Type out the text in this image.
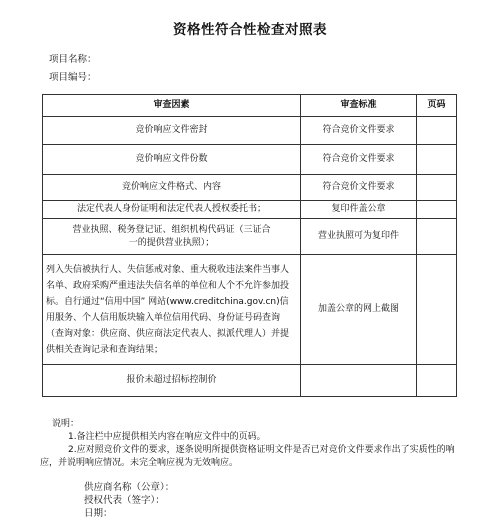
资格性符合性检查对照表
项目名称：
项目编号：
审查因素	审查标准	页码
竞价响应文件密封	符合竞价文件要求	
竞价响应文件份数	符合竞价文件要求	
竞价响应文件格式、内容	符合竞价文件要求	
法定代表人身份证明和法定代表人授权委托书；	复印件盖公章	
营业执照、税务登记证、组织机构代码证（三证合一的提供营业执照）；	营业执照可为复印件	
列入失信被执行人、失信惩戒对象、重大税收违法案件当事人名单、政府采购严重违法失信名单的单位和人个不允许参加投标。自行通过“信用中国” 网站(www.creditchina.gov.cn)信用服务、个人信用版块输入单位信用代码、身份证号码查询（查询对象：供应商、供应商法定代表人、拟派代理人）并提供相关查询记录和查询结果；	加盖公章的网上截图	
报价未超过招标控制价		
说明：
1.备注栏中应提供相关内容在响应文件中的页码。
2.应对照竞价文件的要求，逐条说明所提供资格证明文件是否已对竞价文件要求作出了实质性的响应，并说明响应情况。未完全响应视为无效响应。
供应商名称（公章）：
授权代表（签字）：
日期：
